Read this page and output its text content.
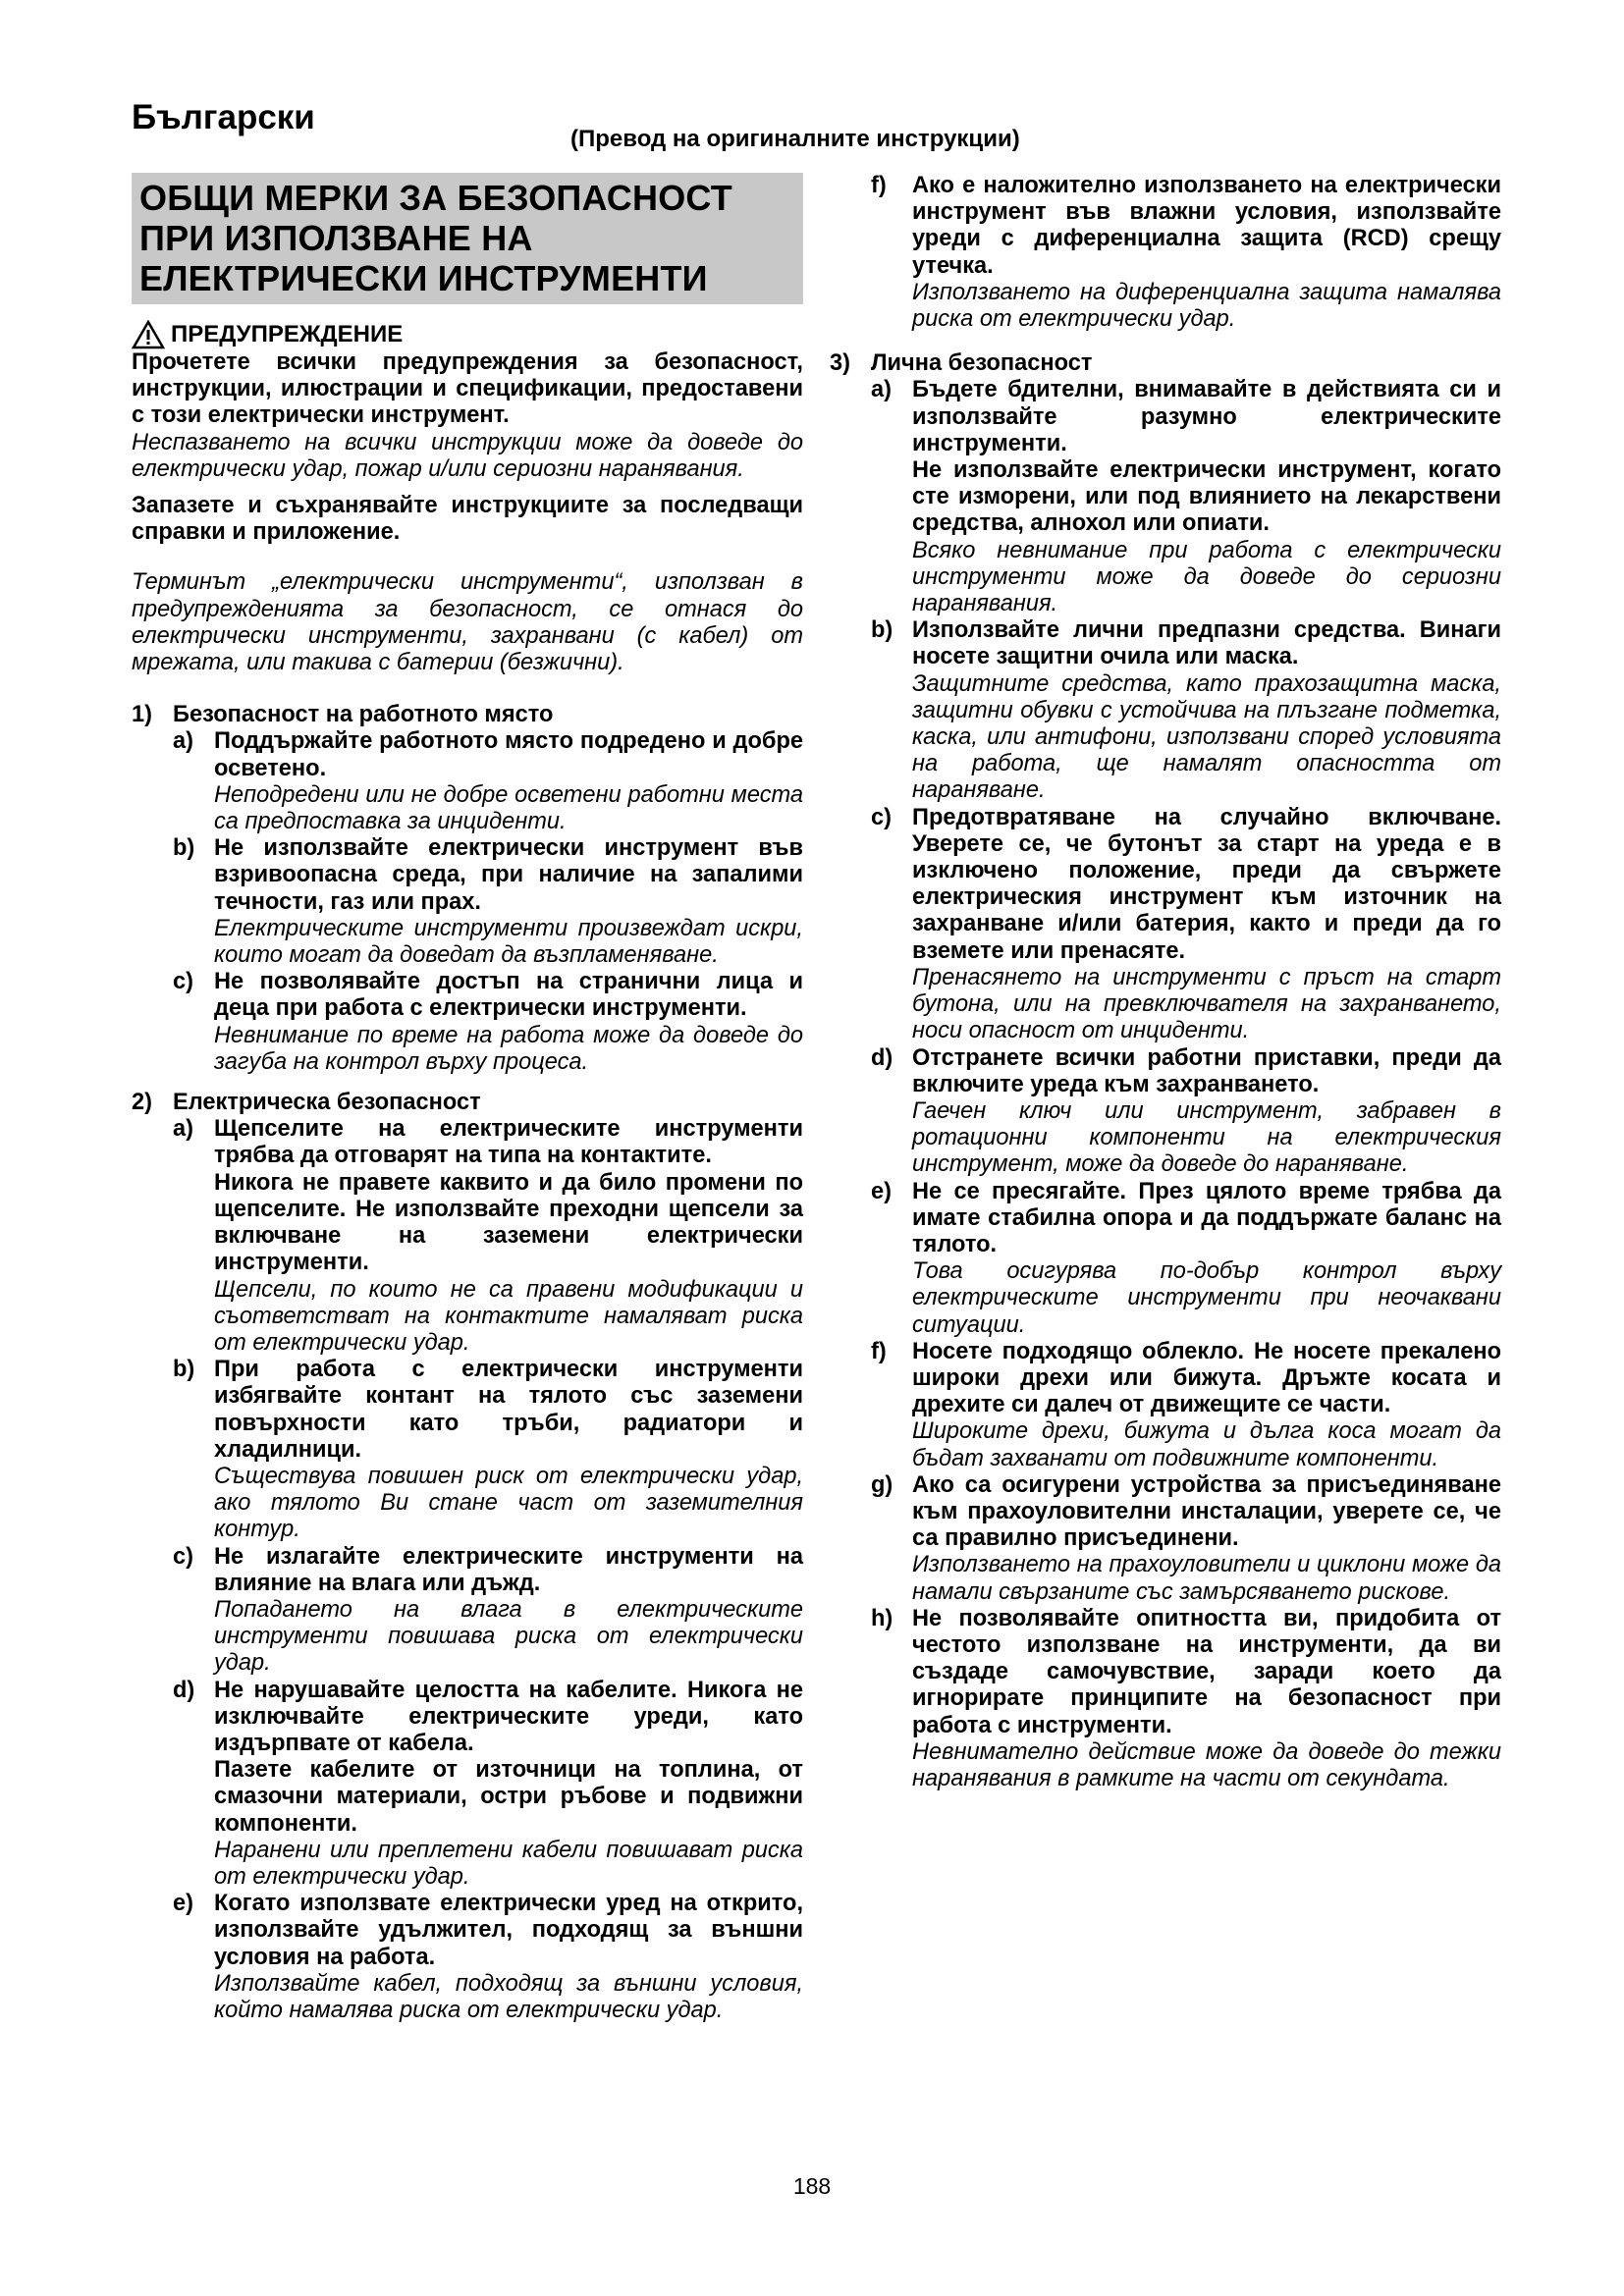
Български
(Превод на оригиналните инструкции)
ОБЩИ МЕРКИ ЗА БЕЗОПАСНОСТ
ПРИ ИЗПОЛЗВАНЕ НА
ЕЛЕКТРИЧЕСКИ ИНСТРУМЕНТИ
ПРЕДУПРЕЖДЕНИЕ

Прочетете всички предупреждения за безопасност, инструкции, илюстрации и спецификации, предоставени с този електрически инструмент.

Неспазването на всички инструкции може да доведе до електрически удар, пожар и/или сериозни наранявания.

Запазете и съхранявайте инструкциите за последващи справки и приложение.

Терминът „електрически инструменти“, използван в предупрежденията за безопасност, се отнася до електрически инструменти, захранвани (с кабел) от мрежата, или такива с батерии (безжични).

1) Безопасност на работното място
a) Поддържайте работното място подредено и добре осветено.

Неподредени или не добре осветени работни места са предпоставка за инциденти.

b) Не използвайте електрически инструмент във взривоопасна среда, при наличие на запалими течности, газ или прах.

Електрическите инструменти произвеждат искри, които могат да доведат да възпламеняване.

c) Не позволявайте достъп на странични лица и деца при работа с електрически инструменти.

Невнимание по време на работа може да доведе до загуба на контрол върху процеса.

2) Електрическа безопасност
a) Щепселите на електрическите инструменти трябва да отговарят на типа на контактите.

Никога не правете каквито и да било промени по щепселите. Не използвайте преходни щепсели за включване на заземени електрически инструменти.

Щепсели, по които не са правени модификации и съответстват на контактите намаляват риска от електрически удар.

b) При работа с електрически инструменти избягвайте контант на тялото със заземени повърхности като тръби, радиатори и хладилници.

Съществува повишен риск от електрически удар, ако тялото Ви стане част от заземителния контур.

c) Не излагайте електрическите инструменти на влияние на влага или дъжд.

Попадането на влага в електрическите инструменти повишава риска от електрически удар.

d) Не нарушавайте целостта на кабелите. Никога не изключвайте електрическите уреди, като издърпвате от кабела.

Пазете кабелите от източници на топлина, от смазочни материали, остри ръбове и подвижни компоненти.

Наранени или преплетени кабели повишават риска от електрически удар.

e) Когато използвате електрически уред на открито, използвайте удължител, подходящ за външни условия на работа.

Използвайте кабел, подходящ за външни условия, който намалява риска от електрически удар.

f)	Ако е наложително използването на електрически инструмент във влажни условия, използвайте уреди с диференциална защита (RCD) срещу утечка.

Използването на диференциална защита намалява риска от електрически удар.

3) Лична безопасност
a) Бъдете бдителни, внимавайте в действията си и използвайте разумно електрическите инструменти.

Не използвайте електрически инструмент, когато сте изморени, или под влиянието на лекарствени средства, алнохол или опиати.

Всяко невнимание при работа с електрически инструменти може да доведе до сериозни наранявания.

b) Използвайте лични предпазни средства. Винаги носете защитни очила или маска.

Защитните средства, като прахозащитна маска, защитни обувки с устойчива на плъзгане подметка, каска, или антифони, използвани според условията на работа, ще намалят опасността от нараняване.

c) Предотвратяване на случайно включване. Уверете се, че бутонът за старт на уреда е в изключено положение, преди да свържете електрическия инструмент към източник на захранване и/или батерия, както и преди да го вземете или пренасяте.

Пренасянето на инструменти с пръст на старт бутона, или на превключвателя на захранването, носи опасност от инциденти.

d) Отстранете всички работни приставки, преди да включите уреда към захранването.

Гаечен ключ или инструмент, забравен в ротационни компоненти на електрическия инструмент, може да доведе до нараняване.

e) Не се пресягайте. През цялото време трябва да имате стабилна опора и да поддържате баланс на тялото.

Това осигурява по-добър контрол върху електрическите инструменти при неочаквани ситуации.

f)	Носете подходящо облекло. Не носете прекалено широки дрехи или бижута. Дръжте косата и дрехите си далеч от движещите се части.

Широките дрехи, бижута и дълга коса могат да бъдат захванати от подвижните компоненти.

g) Ако са осигурени устройства за присъединяване към прахоуловителни инсталации, уверете се, че са правилно присъединени.

Използването на прахоуловители и циклони може да намали свързаните със замърсяването рискове.

h) Не позволявайте опитността ви, придобита от честото използване на инструменти, да ви създаде самочувствие, заради което да игнорирате принципите на безопасност при работа с инструменти.

Невнимателно действие може да доведе до тежки наранявания в рамките на части от секундата.

188
